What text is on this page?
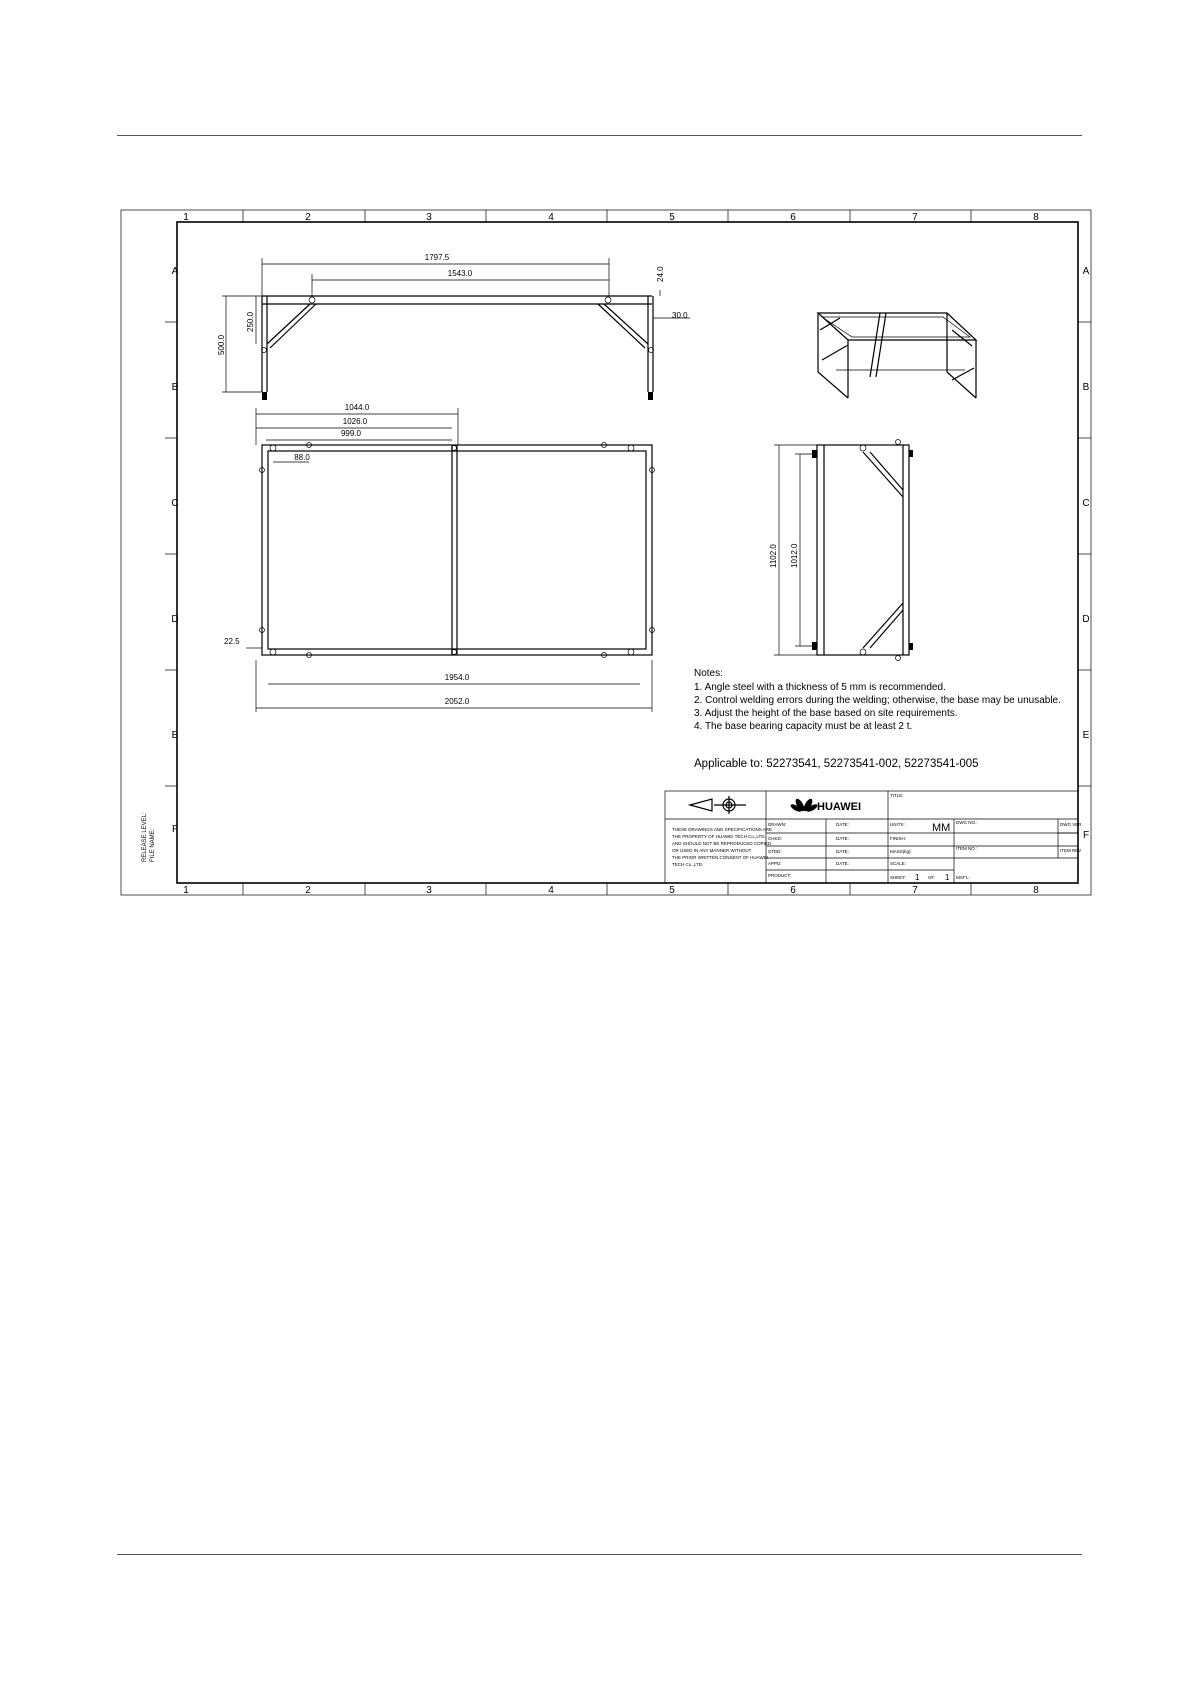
1	2	3	4	5	6	7	8
1	2	3	4	5	6	7	8
A
B
C
D
E
F
A
B
C
D
E
F
RELEASE LEVEL: FILE NAME:
1797.5
1543.0
30.0
24.0
500.0
250.0
1044.0
1026.0
999.0
88.0
22.5
1954.0
2052.0
1102.0 1012.0
Notes:
1. Angle steel with a thickness of 5 mm is recommended.
2. Control welding errors during the welding; otherwise, the base may be unusable.
3. Adjust the height of the base based on site requirements.
4. The base bearing capacity must be at least 2 t.
Applicable to: 52273541, 52273541-002, 52273541-005
HUAWEI
TITLE:
THESE DRAWINGS AND SPECIFICATIONS ARE
THE PROPERTY OF HUAWEI TECH Co.,LTD.
AND SHOULD NOT BE REPRODUCED COPIED
OR USED IN ANY MANNER WITHOUT
THE PRIOR WRITTEN CONSENT OF HUAWEI
TECH Co.,LTD.
DRAWN:	DATE:	UNITS: MM DWG NO.:	DWG VER
CHKD:	DATE:	FINISH:
STDD:	DATE:	MASS(kg):
ITEM NO.:	ITEM REV
APPD:	DATE:	SCALE:
PRODUCT:	SHEET: 1 OF 1 MAT'L:
